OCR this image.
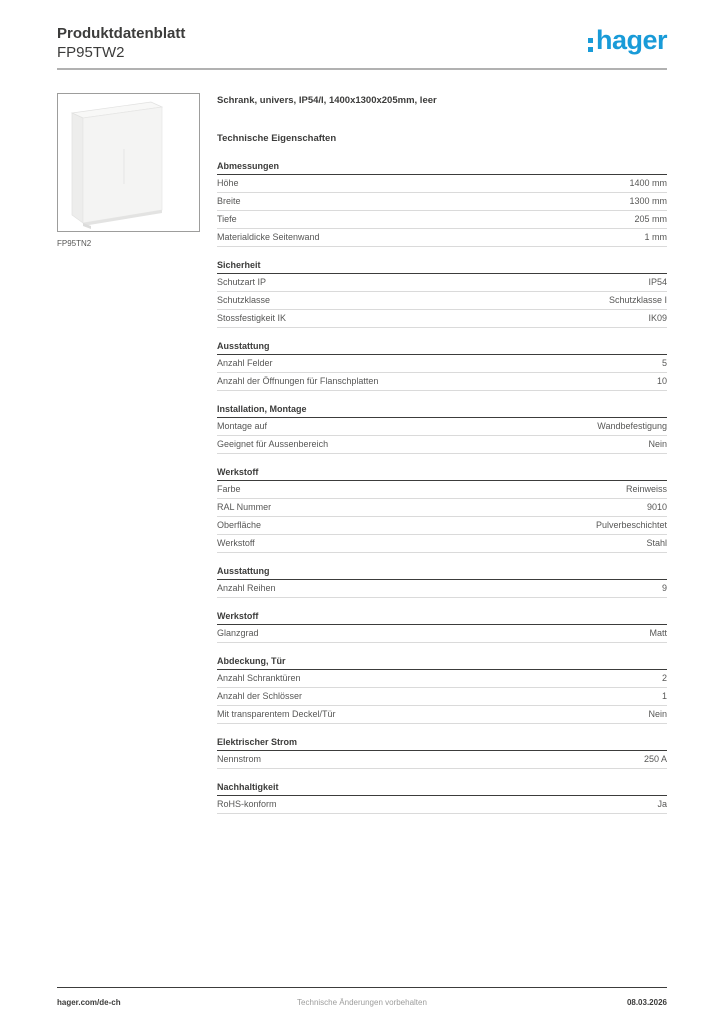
Produktdatenblatt
FP95TW2	hager
FP95TN2
Schrank, univers, IP54/I, 1400x1300x205mm, leer
Technische Eigenschaften
Abmessungen
Höhe	1400 mm
Breite	1300 mm
Tiefe	205 mm
Materialdicke Seitenwand	1 mm
Sicherheit
Schutzart IP	IP54
Schutzklasse	Schutzklasse I
Stossfestigkeit IK	IK09
Ausstattung
Anzahl Felder	5
Anzahl der Öffnungen für Flanschplatten	10
Installation, Montage
Montage auf	Wandbefestigung
Geeignet für Aussenbereich	Nein
Werkstoff
Farbe	Reinweiss
RAL Nummer	9010
Oberfläche	Pulverbeschichtet
Werkstoff	Stahl
Ausstattung
Anzahl Reihen	9
Werkstoff
Glanzgrad	Matt
Abdeckung, Tür
Anzahl Schranktüren	2
Anzahl der Schlösser	1
Mit transparentem Deckel/Tür	Nein
Elektrischer Strom
Nennstrom	250 A
Nachhaltigkeit
RoHS-konform	Ja
hager.com/de-ch	Technische Änderungen vorbehalten	08.03.2026
